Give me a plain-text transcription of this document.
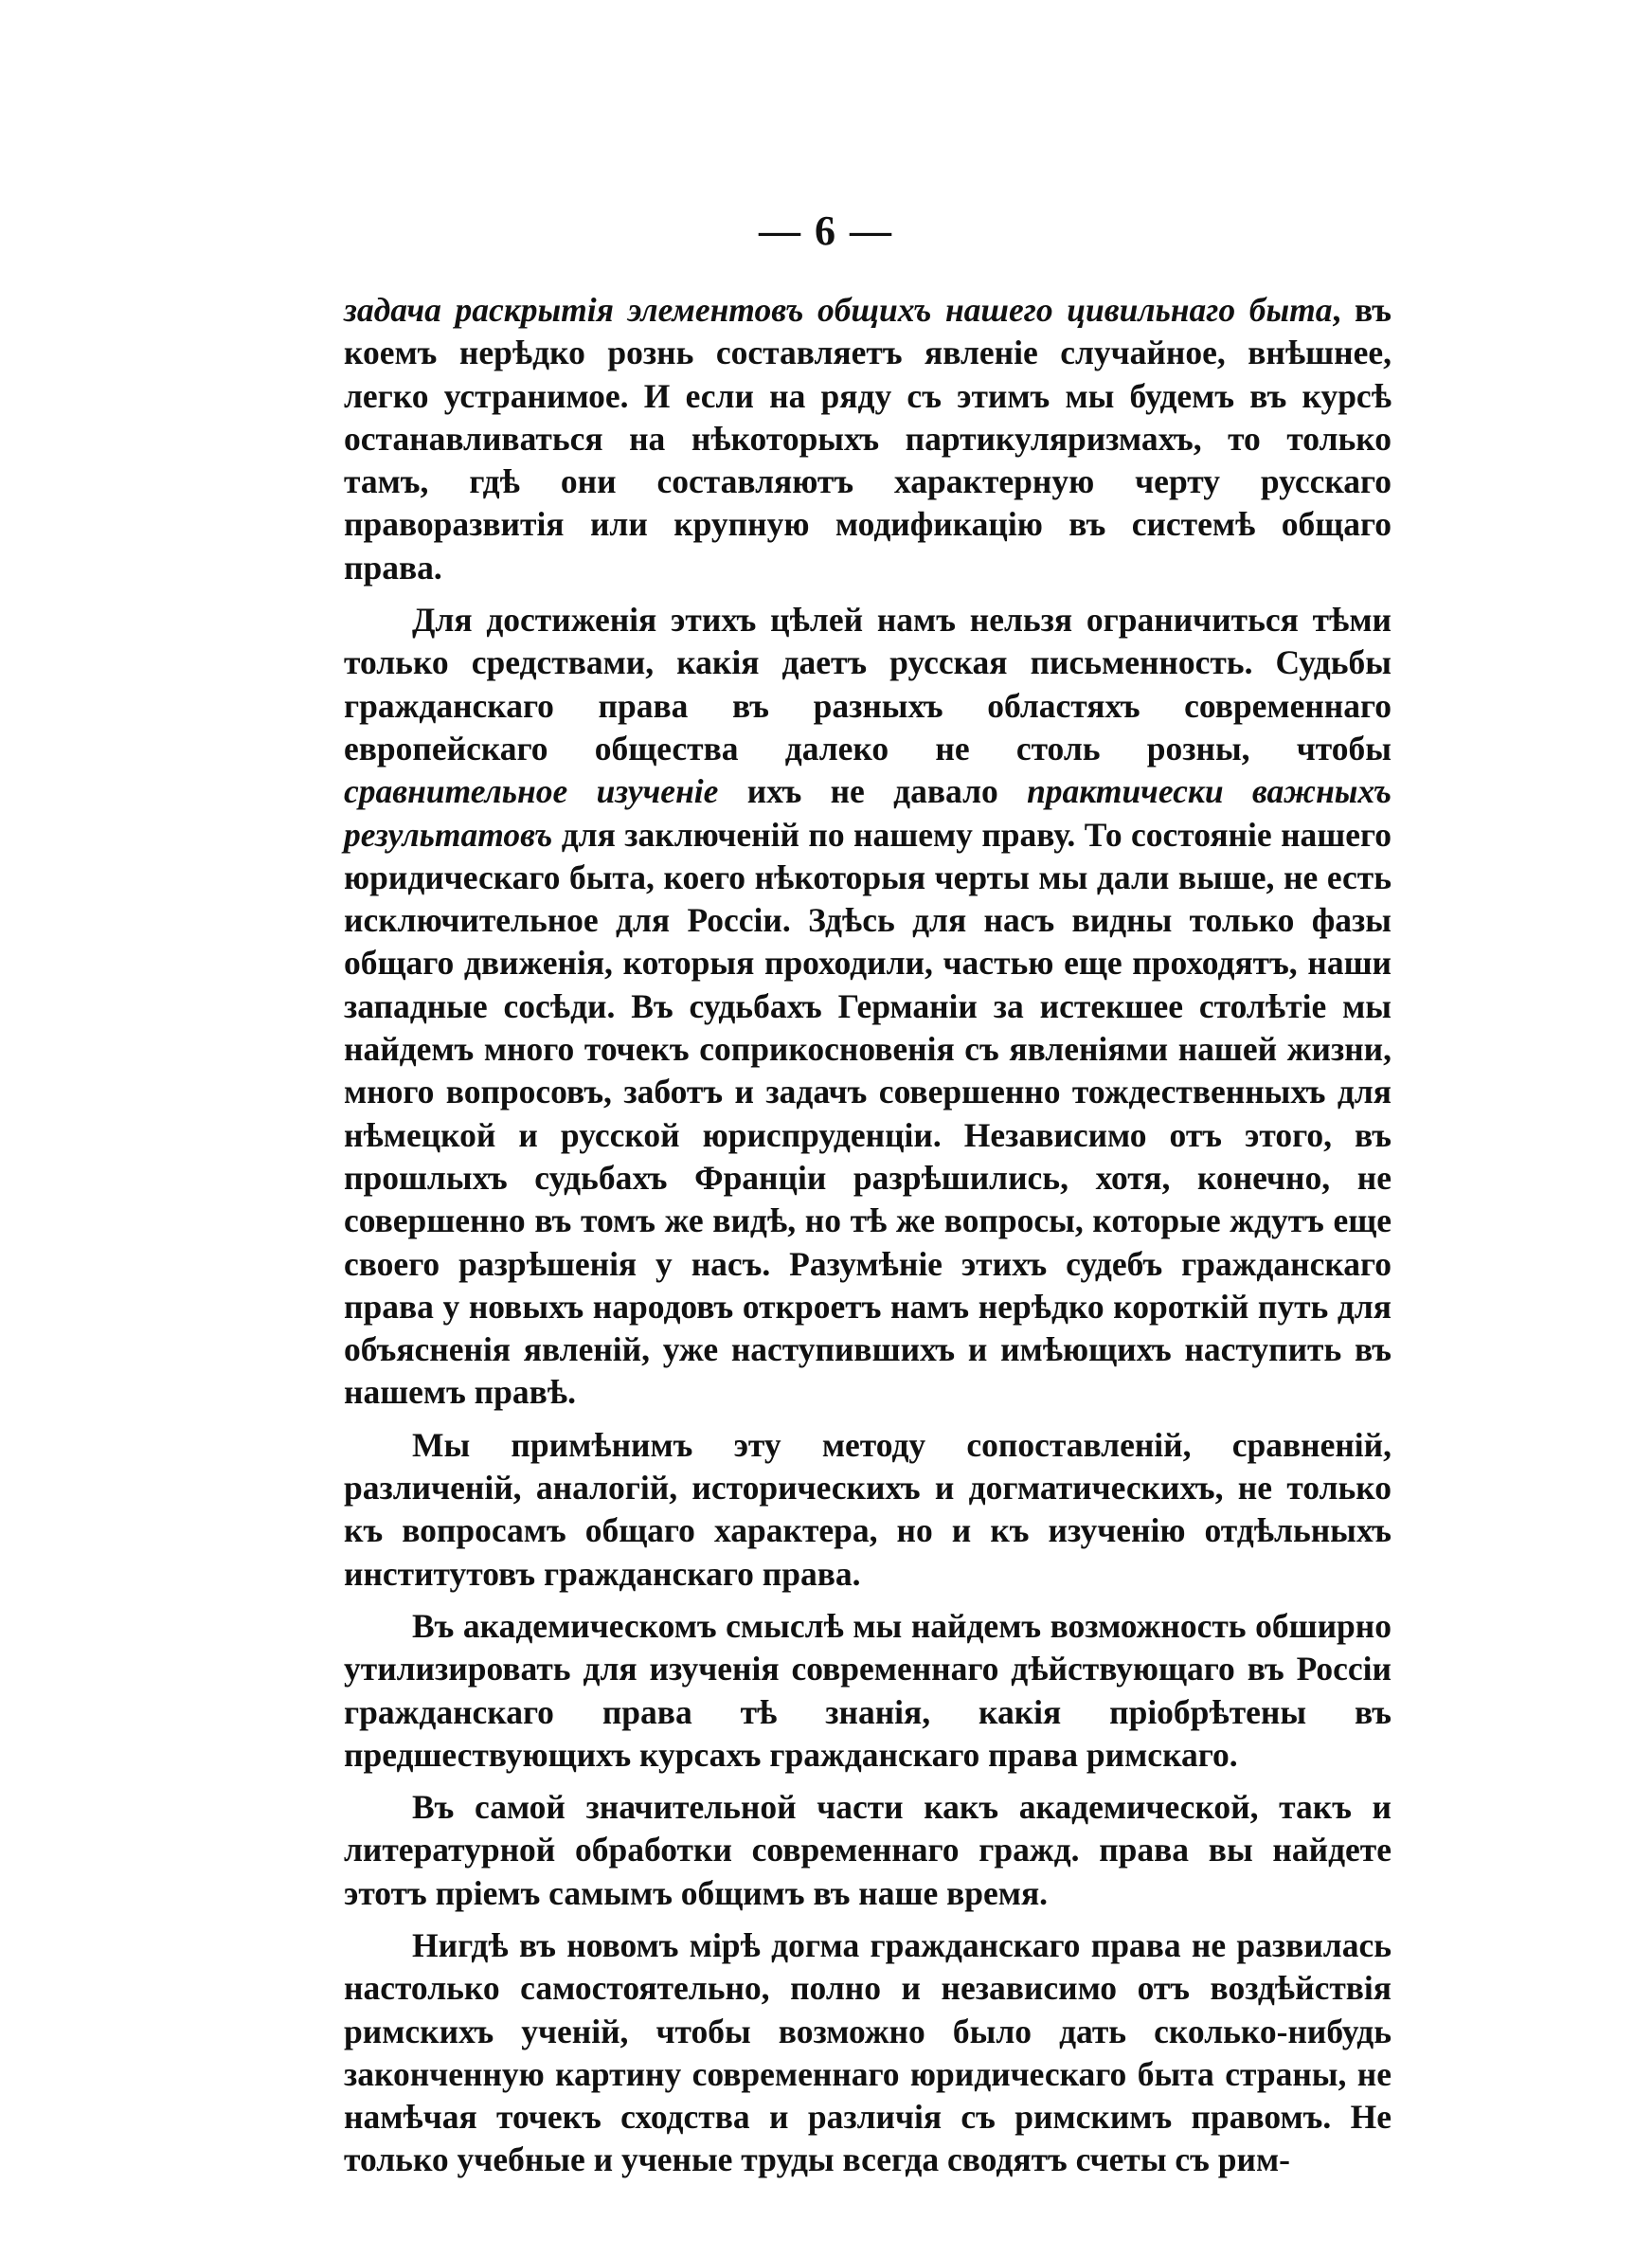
— 6 —

задача раскрытія элементовъ общихъ нашего цивильнаго быта, въ коемъ нерѣдко рознь составляетъ явленіе случайное, внѣшнее, легко устранимое. И если на ряду съ этимъ мы будемъ въ курсѣ останавливаться на нѣкоторыхъ партикуляризмахъ, то только тамъ, гдѣ они составляютъ характерную черту русскаго праворазвитія или крупную модификацію въ системѣ общаго права.

Для достиженія этихъ цѣлей намъ нельзя ограничиться тѣми только средствами, какія даетъ русская письменность. Судьбы гражданскаго права въ разныхъ областяхъ современнаго европейскаго общества далеко не столь розны, чтобы сравнительное изученіе ихъ не давало практически важныхъ результатовъ для заключеній по нашему праву. То состояніе нашего юридическаго быта, коего нѣкоторыя черты мы дали выше, не есть исключительное для Россіи. Здѣсь для насъ видны только фазы общаго движенія, которыя проходили, частью еще проходятъ, наши западные сосѣди. Въ судьбахъ Германіи за истекшее столѣтіе мы найдемъ много точекъ соприкосновенія съ явленіями нашей жизни, много вопросовъ, заботъ и задачъ совершенно тождественныхъ для нѣмецкой и русской юриспруденціи. Независимо отъ этого, въ прошлыхъ судьбахъ Франціи разрѣшились, хотя, конечно, не совершенно въ томъ же видѣ, но тѣ же вопросы, которые ждутъ еще своего разрѣшенія у насъ. Разумѣніе этихъ судебъ гражданскаго права у новыхъ народовъ откроетъ намъ нерѣдко короткій путь для объясненія явленій, уже наступившихъ и имѣющихъ наступить въ нашемъ правѣ.

Мы примѣнимъ эту методу сопоставленій, сравненій, различеній, аналогій, историческихъ и догматическихъ, не только къ вопросамъ общаго характера, но и къ изученію отдѣльныхъ институтовъ гражданскаго права.

Въ академическомъ смыслѣ мы найдемъ возможность обширно утилизировать для изученія современнаго дѣйствующаго въ Россіи гражданскаго права тѣ знанія, какія пріобрѣтены въ предшествующихъ курсахъ гражданскаго права римскаго.

Въ самой значительной части какъ академической, такъ и литературной обработки современнаго гражд. права вы найдете этотъ пріемъ самымъ общимъ въ наше время.

Нигдѣ въ новомъ мірѣ догма гражданскаго права не развилась настолько самостоятельно, полно и независимо отъ воздѣйствія римскихъ ученій, чтобы возможно было дать сколько-нибудь законченную картину современнаго юридическаго быта страны, не намѣчая точекъ сходства и различія съ римскимъ правомъ. Не только учебные и ученые труды всегда сводятъ счеты съ рим-
